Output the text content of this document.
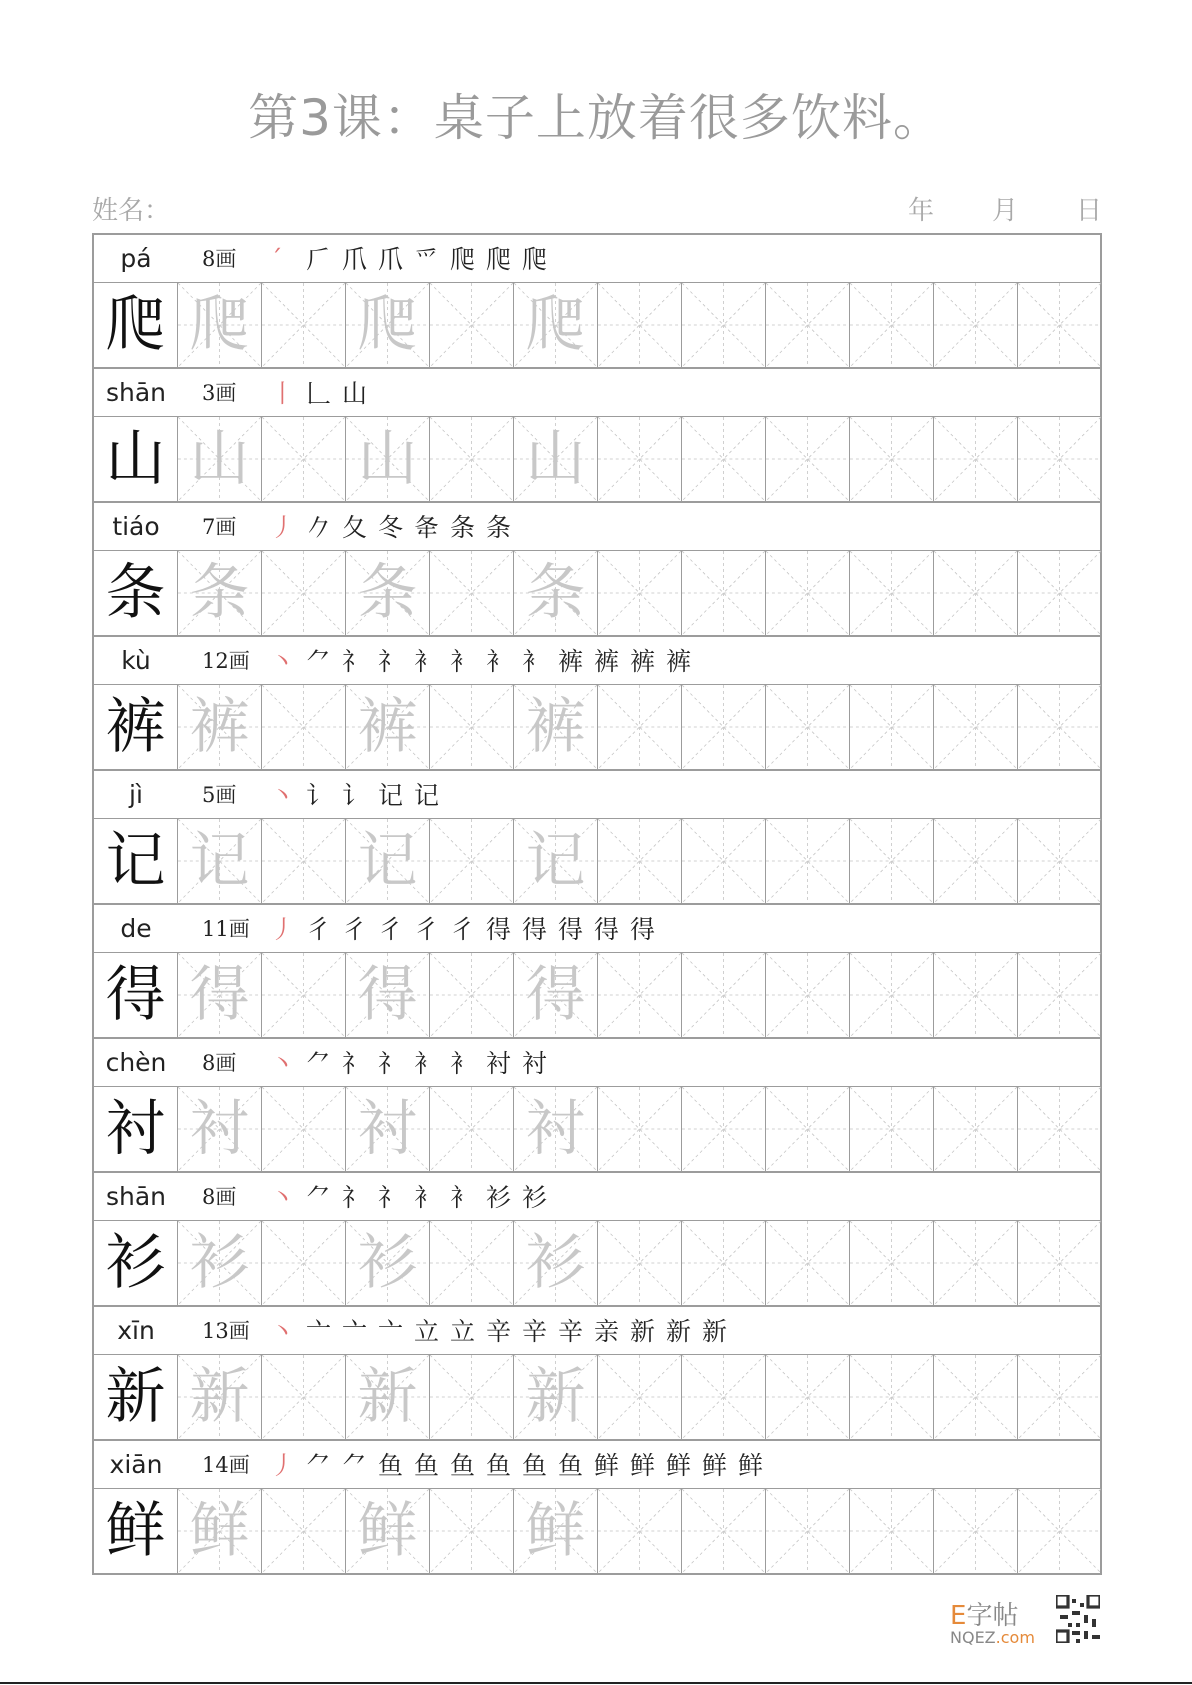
第3课：桌子上放着很多饮料。
姓名：	年 月 日
pá	8画 ˊ 𠂆 爪 爪 爫 爬 爬 爬
爬 爬 爬 爬
shān	3画 丨 𠃊 山
山 山 山 山
tiáo	7画 丿 𠂊 夂 冬 夅 条 条
条 条 条 条
kù	12画 丶 ⺈ 礻 礻 衤 衤 衤 衤 裤 裤 裤 裤
裤 裤 裤 裤
jì	5画 丶 讠 讠 记 记
记 记 记 记
de	11画 丿 彳 彳 彳 彳 彳 得 得 得 得 得
得 得 得 得
chèn	8画 丶 ⺈ 礻 礻 衤 衤 衬 衬
衬 衬 衬 衬
shān	8画 丶 ⺈ 礻 礻 衤 衤 衫 衫
衫 衫 衫 衫
xīn	13画 丶 亠 亠 亠 立 立 辛 辛 辛 亲 新 新 新
新 新 新 新
xiān	14画 丿 ⺈ ⺈ 鱼 鱼 鱼 鱼 鱼 鱼 鲜 鲜 鲜 鲜 鲜
鲜 鲜 鲜 鲜
E字帖
NQEZ.com
